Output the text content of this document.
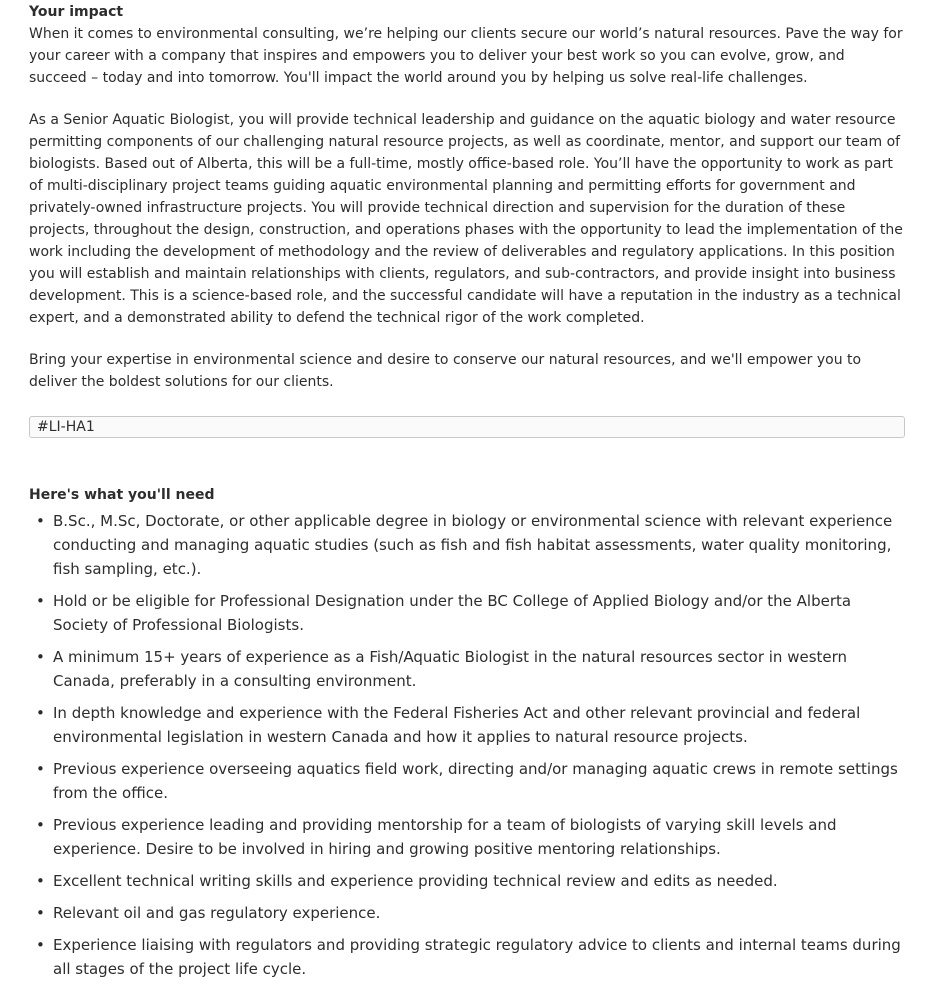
Your impact

When it comes to environmental consulting, we’re helping our clients secure our world’s natural resources. Pave the way for your career with a company that inspires and empowers you to deliver your best work so you can evolve, grow, and succeed – today and into tomorrow. You'll impact the world around you by helping us solve real-life challenges.

As a Senior Aquatic Biologist, you will provide technical leadership and guidance on the aquatic biology and water resource permitting components of our challenging natural resource projects, as well as coordinate, mentor, and support our team of biologists. Based out of Alberta, this will be a full-time, mostly office-based role. You’ll have the opportunity to work as part of multi-disciplinary project teams guiding aquatic environmental planning and permitting efforts for government and privately-owned infrastructure projects. You will provide technical direction and supervision for the duration of these projects, throughout the design, construction, and operations phases with the opportunity to lead the implementation of the work including the development of methodology and the review of deliverables and regulatory applications. In this position you will establish and maintain relationships with clients, regulators, and sub-contractors, and provide insight into business development. This is a science-based role, and the successful candidate will have a reputation in the industry as a technical expert, and a demonstrated ability to defend the technical rigor of the work completed.

Bring your expertise in environmental science and desire to conserve our natural resources, and we'll empower you to deliver the boldest solutions for our clients.

#LI-HA1
Here's what you'll need
• B.Sc., M.Sc, Doctorate, or other applicable degree in biology or environmental science with relevant experience conducting and managing aquatic studies (such as fish and fish habitat assessments, water quality monitoring, fish sampling, etc.).
• Hold or be eligible for Professional Designation under the BC College of Applied Biology and/or the Alberta Society of Professional Biologists.
• A minimum 15+ years of experience as a Fish/Aquatic Biologist in the natural resources sector in western Canada, preferably in a consulting environment.
• In depth knowledge and experience with the Federal Fisheries Act and other relevant provincial and federal environmental legislation in western Canada and how it applies to natural resource projects.
• Previous experience overseeing aquatics field work, directing and/or managing aquatic crews in remote settings from the office.
• Previous experience leading and providing mentorship for a team of biologists of varying skill levels and experience. Desire to be involved in hiring and growing positive mentoring relationships.
• Excellent technical writing skills and experience providing technical review and edits as needed.
• Relevant oil and gas regulatory experience.
• Experience liaising with regulators and providing strategic regulatory advice to clients and internal teams during all stages of the project life cycle.
